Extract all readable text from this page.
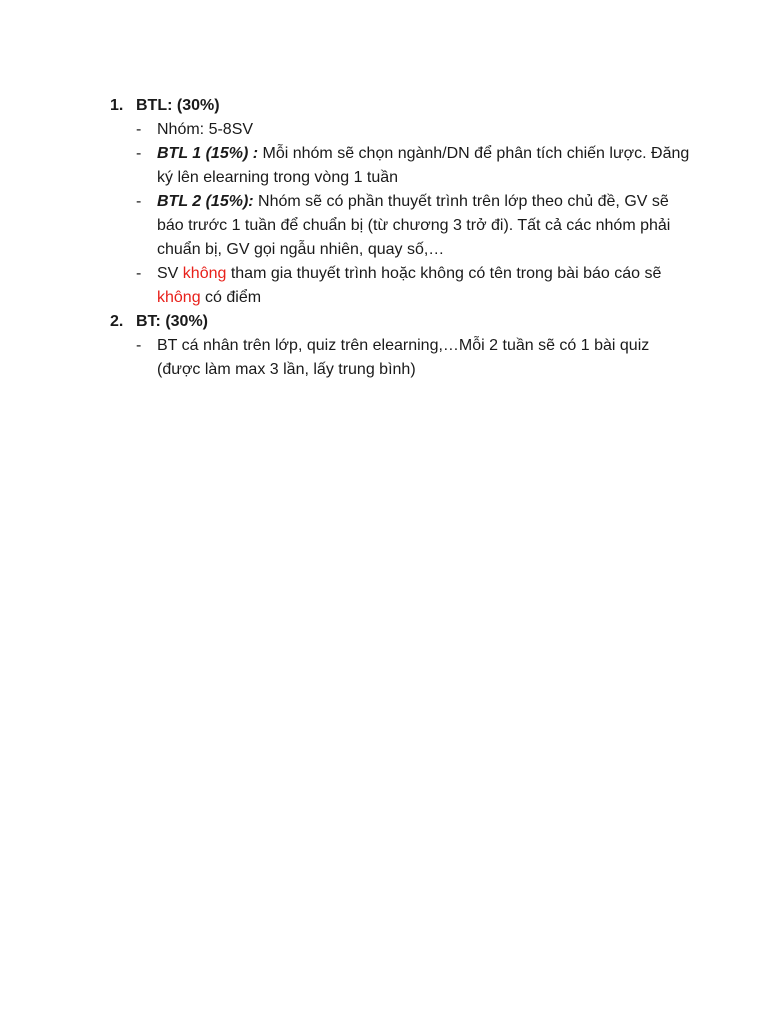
1. BTL: (30%)
- Nhóm: 5-8SV
- BTL 1 (15%) : Mỗi nhóm sẽ chọn ngành/DN để phân tích chiến lược. Đăng ký lên elearning trong vòng 1 tuần
- BTL 2 (15%): Nhóm sẽ có phần thuyết trình trên lớp theo chủ đề, GV sẽ báo trước 1 tuần để chuẩn bị (từ chương 3 trở đi). Tất cả các nhóm phải chuẩn bị, GV gọi ngẫu nhiên, quay số,…
- SV không tham gia thuyết trình hoặc không có tên trong bài báo cáo sẽ không có điểm
2. BT: (30%)
- BT cá nhân trên lớp, quiz trên elearning,…Mỗi 2 tuần sẽ có 1 bài quiz (được làm max 3 lần, lấy trung bình)
